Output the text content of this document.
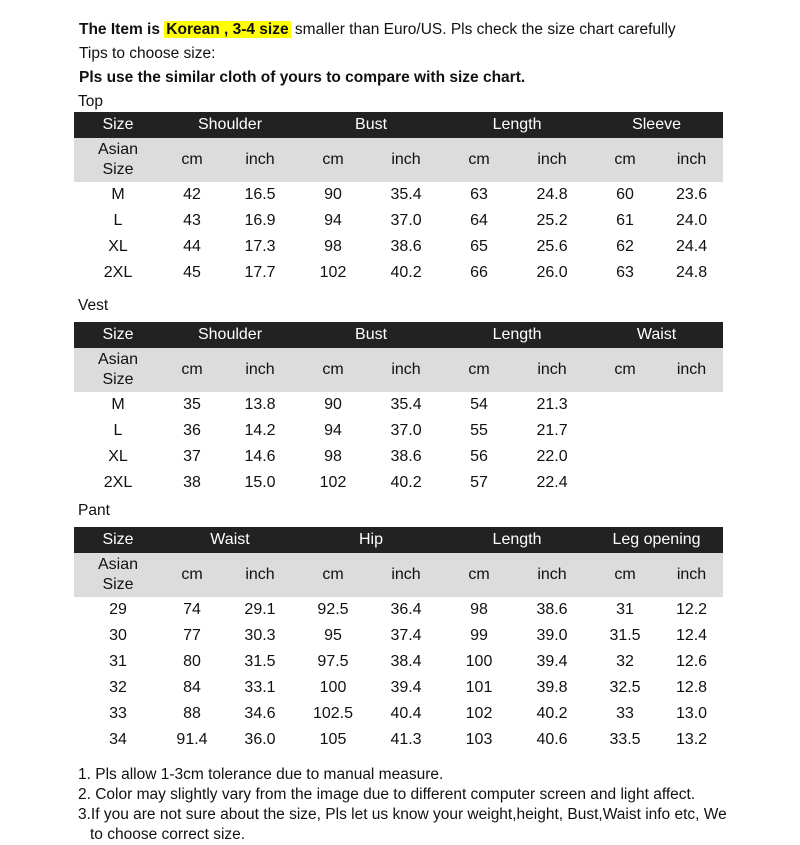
The Item is Korean , 3-4 size smaller than Euro/US. Pls check the size chart carefully
Tips to choose size:
Pls use the similar cloth of yours to compare with size chart.
Top
Size	Shoulder		Bust		Length		Sleeve	
Asian Size	cm	inch	cm	inch	cm	inch	cm	inch
M	42	16.5	90	35.4	63	24.8	60	23.6
L	43	16.9	94	37.0	64	25.2	61	24.0
XL	44	17.3	98	38.6	65	25.6	62	24.4
2XL	45	17.7	102	40.2	66	26.0	63	24.8
Vest
Size	Shoulder		Bust		Length		Waist	
Asian Size	cm	inch	cm	inch	cm	inch	cm	inch
M	35	13.8	90	35.4	54	21.3		
L	36	14.2	94	37.0	55	21.7		
XL	37	14.6	98	38.6	56	22.0		
2XL	38	15.0	102	40.2	57	22.4		
Pant
Size	Waist		Hip		Length		Leg opening	
Asian Size	cm	inch	cm	inch	cm	inch	cm	inch
29	74	29.1	92.5	36.4	98	38.6	31	12.2
30	77	30.3	95	37.4	99	39.0	31.5	12.4
31	80	31.5	97.5	38.4	100	39.4	32	12.6
32	84	33.1	100	39.4	101	39.8	32.5	12.8
33	88	34.6	102.5	40.4	102	40.2	33	13.0
34	91.4	36.0	105	41.3	103	40.6	33.5	13.2
1. Pls allow 1-3cm tolerance due to manual measure.
2. Color may slightly vary from the image due to different computer screen and light affect.
3.If you are not sure about the size, Pls let us know your weight,height, Bust,Waist info etc, We
to choose correct size.
